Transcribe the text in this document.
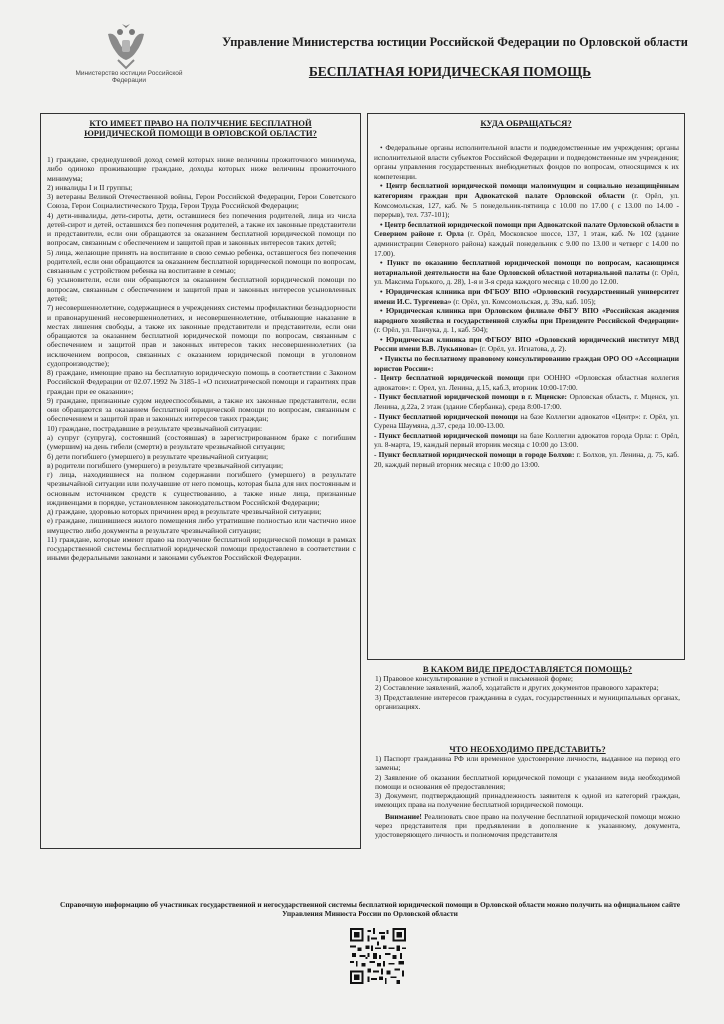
Министерство юстиции Российской Федерации
Управление Министерства юстиции Российской Федерации по Орловской области
БЕСПЛАТНАЯ ЮРИДИЧЕСКАЯ ПОМОЩЬ
КТО ИМЕЕТ ПРАВО НА ПОЛУЧЕНИЕ БЕСПЛАТНОЙ ЮРИДИЧЕСКОЙ ПОМОЩИ В ОРЛОВСКОЙ ОБЛАСТИ?

1) граждане, среднедушевой доход семей которых ниже величины прожиточного минимума, либо одиноко проживающие граждане, доходы которых ниже величины прожиточного минимума;

2) инвалиды I и II группы;

3) ветераны Великой Отечественной войны, Герои Российской Федерации, Герои Советского Союза, Герои Социалистического Труда, Герои Труда Российской Федерации;

4) дети-инвалиды, дети-сироты, дети, оставшиеся без попечения родителей, лица из числа детей-сирот и детей, оставшихся без попечения родителей, а также их законные представители и представители, если они обращаются за оказанием бесплатной юридической помощи по вопросам, связанным с обеспечением и защитой прав и законных интересов таких детей;

5) лица, желающие принять на воспитание в свою семью ребенка, оставшегося без попечения родителей, если они обращаются за оказанием бесплатной юридической помощи по вопросам, связанным с устройством ребенка на воспитание в семью;

6) усыновители, если они обращаются за оказанием бесплатной юридической помощи по вопросам, связанным с обеспечением и защитой прав и законных интересов усыновленных детей;

7) несовершеннолетние, содержащиеся в учреждениях системы профилактики безнадзорности и правонарушений несовершеннолетних, и несовершеннолетние, отбывающие наказание в местах лишения свободы, а также их законные представители и представители, если они обращаются за оказанием бесплатной юридической помощи по вопросам, связанным с обеспечением и защитой прав и законных интересов таких несовершеннолетних (за исключением вопросов, связанных с оказанием юридической помощи в уголовном судопроизводстве);

8) граждане, имеющие право на бесплатную юридическую помощь в соответствии с Законом Российской Федерации от 02.07.1992 № 3185-1 «О психиатрической помощи и гарантиях прав граждан при ее оказании»;

9) граждане, признанные судом недееспособными, а также их законные представители, если они обращаются за оказанием бесплатной юридической помощи по вопросам, связанным с обеспечением и защитой прав и законных интересов таких граждан;

10) граждане, пострадавшие в результате чрезвычайной ситуации:

а) супруг (супруга), состоявший (состоявшая) в зарегистрированном браке с погибшим (умершим) на день гибели (смерти) в результате чрезвычайной ситуации;

б) дети погибшего (умершего) в результате чрезвычайной ситуации;

в) родители погибшего (умершего) в результате чрезвычайной ситуации;

г) лица, находившиеся на полном содержании погибшего (умершего) в результате чрезвычайной ситуации или получавшие от него помощь, которая была для них постоянным и основным источником средств к существованию, а также иные лица, признанные иждивенцами в порядке, установленном законодательством Российской Федерации;

д) граждане, здоровью которых причинен вред в результате чрезвычайной ситуации;

е) граждане, лишившиеся жилого помещения либо утратившие полностью или частично иное имущество либо документы в результате чрезвычайной ситуации;

11) граждане, которые имеют право на получение бесплатной юридической помощи в рамках государственной системы бесплатной юридической помощи предоставлено в соответствии с иными федеральными законами и законами субъектов Российской Федерации.

КУДА ОБРАЩАТЬСЯ?

• Федеральные органы исполнительной власти и подведомственные им учреждения; органы исполнительной власти субъектов Российской Федерации и подведомственные им учреждения; органы управления государственных внебюджетных фондов по вопросам, относящимся к их компетенции.

• Центр бесплатной юридической помощи малоимущим и социально незащищённым категориям граждан при Адвокатской палате Орловской области (г. Орёл, ул. Комсомольская, 127, каб. № 5 понедельник-пятница с 10.00 по 17.00 ( с 13.00 по 14.00 - перерыв), тел. 737-101);

• Центр бесплатной юридической помощи при Адвокатской палате Орловской области в Северном районе г. Орла (г. Орёл, Московское шоссе, 137, 1 этаж, каб. № 102 (здание администрации Северного района) каждый понедельник с 9.00 по 13.00 и четверг с 14.00 по 17.00).

• Пункт по оказанию бесплатной юридической помощи по вопросам, касающимся нотариальной деятельности на базе Орловской областной нотариальной палаты (г. Орёл, ул. Максима Горького, д. 28), 1-я и 3-я среда каждого месяца с 10.00 до 12.00.

• Юридическая клиника при ФГБОУ ВПО «Орловский государственный университет имени И.С. Тургенева» (г. Орёл, ул. Комсомольская, д. 39а, каб. 105);

• Юридическая клиника при Орловском филиале ФБГУ ВПО «Российская академия народного хозяйства и государственной службы при Президенте Российской Федерации» (г. Орёл, ул. Панчука, д. 1, каб. 504);

• Юридическая клиника при ФГБОУ ВПО «Орловский юридический институт МВД России имени В.В. Лукьянова» (г. Орёл, ул. Игнатова, д. 2).

• Пункты по бесплатному правовому консультированию граждан ОРО ОО «Ассоциации юристов России»:

- Центр бесплатной юридической помощи при ООННО «Орловская областная коллегия адвокатов»: г. Орел, ул. Ленина, д.15, каб.3, вторник 10:00-17:00.

- Пункт бесплатной юридической помощи в г. Мценске: Орловская область, г. Мценск, ул. Ленина, д.22а, 2 этаж (здание Сбербанка), среда 8:00-17:00.

- Пункт бесплатной юридической помощи на базе Коллегии адвокатов «Центр»: г. Орёл, ул. Сурена Шаумяна, д.37, среда 10.00-13.00.

- Пункт бесплатной юридической помощи на базе Коллегии адвокатов города Орла: г. Орёл, ул. 8-марта, 19, каждый первый вторник месяца с 10:00 до 13:00.

- Пункт бесплатной юридической помощи в городе Болхов: г. Болхов, ул. Ленина, д. 75, каб. 20, каждый первый вторник месяца с 10:00 до 13:00.

В КАКОМ ВИДЕ ПРЕДОСТАВЛЯЕТСЯ ПОМОЩЬ?

1) Правовое консультирование в устной и письменной форме;

2) Составление заявлений, жалоб, ходатайств и других документов правового характера;

3) Представление интересов гражданина в судах, государственных и муниципальных органах, организациях.

ЧТО НЕОБХОДИМО ПРЕДСТАВИТЬ?

1) Паспорт гражданина РФ или временное удостоверение личности, выданное на период его замены;

2) Заявление об оказании бесплатной юридической помощи с указанием вида необходимой помощи и основания её предоставления;

3) Документ, подтверждающий принадлежность заявителя к одной из категорий граждан, имеющих права на получение бесплатной юридической помощи.

Внимание! Реализовать свое право на получение бесплатной юридической помощи можно через представителя при предъявлении в дополнение к указанному, документа, удостоверяющего личность и полномочия представителя

Справочную информацию об участниках государственной и негосударственной системы бесплатной юридической помощи в Орловской области можно получить на официальном сайте Управления Минюста России по Орловской области
